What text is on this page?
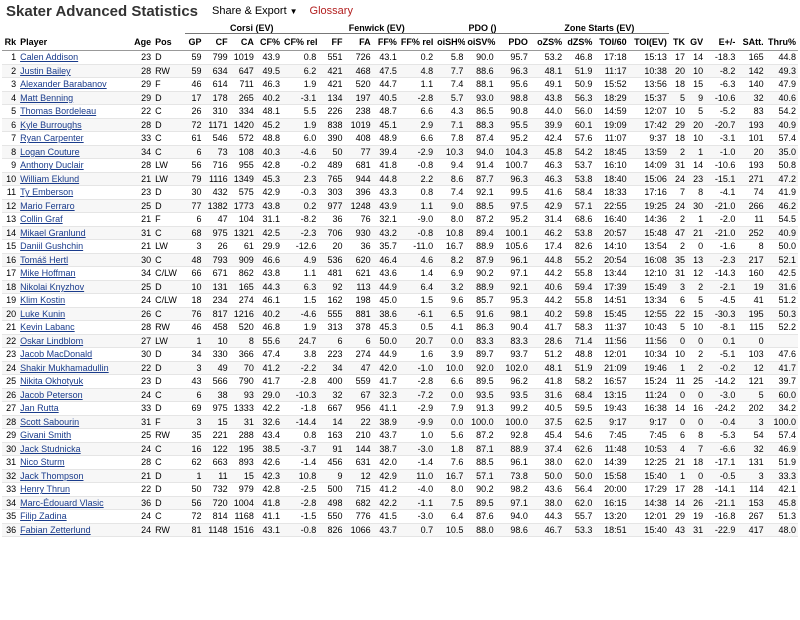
Skater Advanced Statistics Share & Export ▼ Glossary
				Corsi (EV)					Fenwick (EV)				PDO ()			Zone Starts (EV)								
Rk	Player	Age	Pos	GP	CF	CA	CF%	CF% rel	FF	FA	FF%	FF% rel	oiSH%	oiSV%	PDO	oZS%	dZS%	TOI/60	TOI(EV)	TK	GV	E+/-	SAtt.	Thru%
1	Calen Addison	23	D	59	799	1019	43.9	0.8	551	726	43.1	0.2	5.8	90.0	95.7	53.2	46.8	17:18	15:13	17	14	-18.3	165	44.8
2	Justin Bailey	28	RW	59	634	647	49.5	6.2	421	468	47.5	4.8	7.7	88.6	96.3	48.1	51.9	11:17	10:38	20	10	-8.2	142	49.3
3	Alexander Barabanov	29	F	46	614	711	46.3	1.9	421	520	44.7	1.1	7.4	88.1	95.6	49.1	50.9	15:52	13:56	18	15	-6.3	140	47.9
4	Matt Benning	29	D	17	178	265	40.2	-3.1	134	197	40.5	-2.8	5.7	93.0	98.8	43.8	56.3	18:29	15:37	5	9	-10.6	32	40.6
5	Thomas Bordeleau	22	C	26	310	334	48.1	5.5	226	238	48.7	6.6	4.3	86.5	90.8	44.0	56.0	14:59	12:07	10	5	-5.2	83	54.2
6	Kyle Burroughs	28	D	72	1171	1420	45.2	1.9	838	1019	45.1	2.9	7.1	88.3	95.5	39.9	60.1	19:09	17:42	29	20	-20.7	193	40.9
7	Ryan Carpenter	33	C	61	546	572	48.8	6.0	390	408	48.9	6.6	7.8	87.4	95.2	42.4	57.6	11:07	9:37	18	10	-3.1	101	57.4
8	Logan Couture	34	C	6	73	108	40.3	-4.6	50	77	39.4	-2.9	10.3	94.0	104.3	45.8	54.2	18:45	13:59	2	1	-1.0	20	35.0
9	Anthony Duclair	28	LW	56	716	955	42.8	-0.2	489	681	41.8	-0.8	9.4	91.4	100.7	46.3	53.7	16:10	14:09	31	14	-10.6	193	50.8
10	William Eklund	21	LW	79	1116	1349	45.3	2.3	765	944	44.8	2.2	8.6	87.7	96.3	46.3	53.8	18:40	15:06	24	23	-15.1	271	47.2
11	Ty Emberson	23	D	30	432	575	42.9	-0.3	303	396	43.3	0.8	7.4	92.1	99.5	41.6	58.4	18:33	17:16	7	8	-4.1	74	41.9
12	Mario Ferraro	25	D	77	1382	1773	43.8	0.2	977	1248	43.9	1.1	9.0	88.5	97.5	42.9	57.1	22:55	19:25	24	30	-21.0	266	46.2
13	Collin Graf	21	F	6	47	104	31.1	-8.2	36	76	32.1	-9.0	8.0	87.2	95.2	31.4	68.6	16:40	14:36	2	1	-2.0	11	54.5
14	Mikael Granlund	31	C	68	975	1321	42.5	-2.3	706	930	43.2	-0.8	10.8	89.4	100.1	46.2	53.8	20:57	15:48	47	21	-21.0	252	40.9
15	Daniil Gushchin	21	LW	3	26	61	29.9	-12.6	20	36	35.7	-11.0	16.7	88.9	105.6	17.4	82.6	14:10	13:54	2	0	-1.6	8	50.0
16	Tomáš Hertl	30	C	48	793	909	46.6	4.9	536	620	46.4	4.6	8.2	87.9	96.1	44.8	55.2	20:54	16:08	35	13	-2.3	217	52.1
17	Mike Hoffman	34	C/LW	66	671	862	43.8	1.1	481	621	43.6	1.4	6.9	90.2	97.1	44.2	55.8	13:44	12:10	31	12	-14.3	160	42.5
18	Nikolai Knyzhov	25	D	10	131	165	44.3	6.3	92	113	44.9	6.4	3.2	88.9	92.1	40.6	59.4	17:39	15:49	3	2	-2.1	19	31.6
19	Klim Kostin	24	C/LW	18	234	274	46.1	1.5	162	198	45.0	1.5	9.6	85.7	95.3	44.2	55.8	14:51	13:34	6	5	-4.5	41	51.2
20	Luke Kunin	26	C	76	817	1216	40.2	-4.6	555	881	38.6	-6.1	6.5	91.6	98.1	40.2	59.8	15:45	12:55	22	15	-30.3	195	50.3
21	Kevin Labanc	28	RW	46	458	520	46.8	1.9	313	378	45.3	0.5	4.1	86.3	90.4	41.7	58.3	11:37	10:43	5	10	-8.1	115	52.2
22	Oskar Lindblom	27	LW	1	10	8	55.6	24.7	6	6	50.0	20.7	0.0	83.3	83.3	28.6	71.4	11:56	11:56	0	0	0.1	0	
23	Jacob MacDonald	30	D	34	330	366	47.4	3.8	223	274	44.9	1.6	3.9	89.7	93.7	51.2	48.8	12:01	10:34	10	2	-5.1	103	47.6
24	Shakir Mukhamadullin	22	D	3	49	70	41.2	-2.2	34	47	42.0	-1.0	10.0	92.0	102.0	48.1	51.9	21:09	19:46	1	2	-0.2	12	41.7
25	Nikita Okhotyuk	23	D	43	566	790	41.7	-2.8	400	559	41.7	-2.8	6.6	89.5	96.2	41.8	58.2	16:57	15:24	11	25	-14.2	121	39.7
26	Jacob Peterson	24	C	6	38	93	29.0	-10.3	32	67	32.3	-7.2	0.0	93.5	93.5	31.6	68.4	13:15	11:24	0	0	-3.0	5	60.0
27	Jan Rutta	33	D	69	975	1333	42.2	-1.8	667	956	41.1	-2.9	7.9	91.3	99.2	40.5	59.5	19:43	16:38	14	16	-24.2	202	34.2
28	Scott Sabourin	31	F	3	15	31	32.6	-14.4	14	22	38.9	-9.9	0.0	100.0	100.0	37.5	62.5	9:17	9:17	0	0	-0.4	3	100.0
29	Givani Smith	25	RW	35	221	288	43.4	0.8	163	210	43.7	1.0	5.6	87.2	92.8	45.4	54.6	7:45	7:45	6	8	-5.3	54	57.4
30	Jack Studnicka	24	C	16	122	195	38.5	-3.7	91	144	38.7	-3.0	1.8	87.1	88.9	37.4	62.6	11:48	10:53	4	7	-6.6	32	46.9
31	Nico Sturm	28	C	62	663	893	42.6	-1.4	456	631	42.0	-1.4	7.6	88.5	96.1	38.0	62.0	14:39	12:25	21	18	-17.1	131	51.9
32	Jack Thompson	21	D	1	11	15	42.3	10.8	9	12	42.9	11.0	16.7	57.1	73.8	50.0	50.0	15:58	15:40	1	0	-0.5	3	33.3
33	Henry Thrun	22	D	50	732	979	42.8	-2.5	500	715	41.2	-4.0	8.0	90.2	98.2	43.6	56.4	20:00	17:29	17	28	-14.1	114	42.1
34	Marc-Édouard Vlasic	36	D	56	720	1004	41.8	-2.8	498	682	42.2	-1.1	7.5	89.5	97.1	38.0	62.0	16:15	14:38	14	26	-21.1	153	45.8
35	Filip Zadina	24	C	72	814	1168	41.1	-1.5	550	776	41.5	-3.0	6.4	87.6	94.0	44.3	55.7	13:20	12:01	29	19	-16.8	267	51.3
36	Fabian Zetterlund	24	RW	81	1148	1516	43.1	-0.8	826	1066	43.7	0.7	10.5	88.0	98.6	46.7	53.3	18:51	15:40	43	31	-22.9	417	48.0
